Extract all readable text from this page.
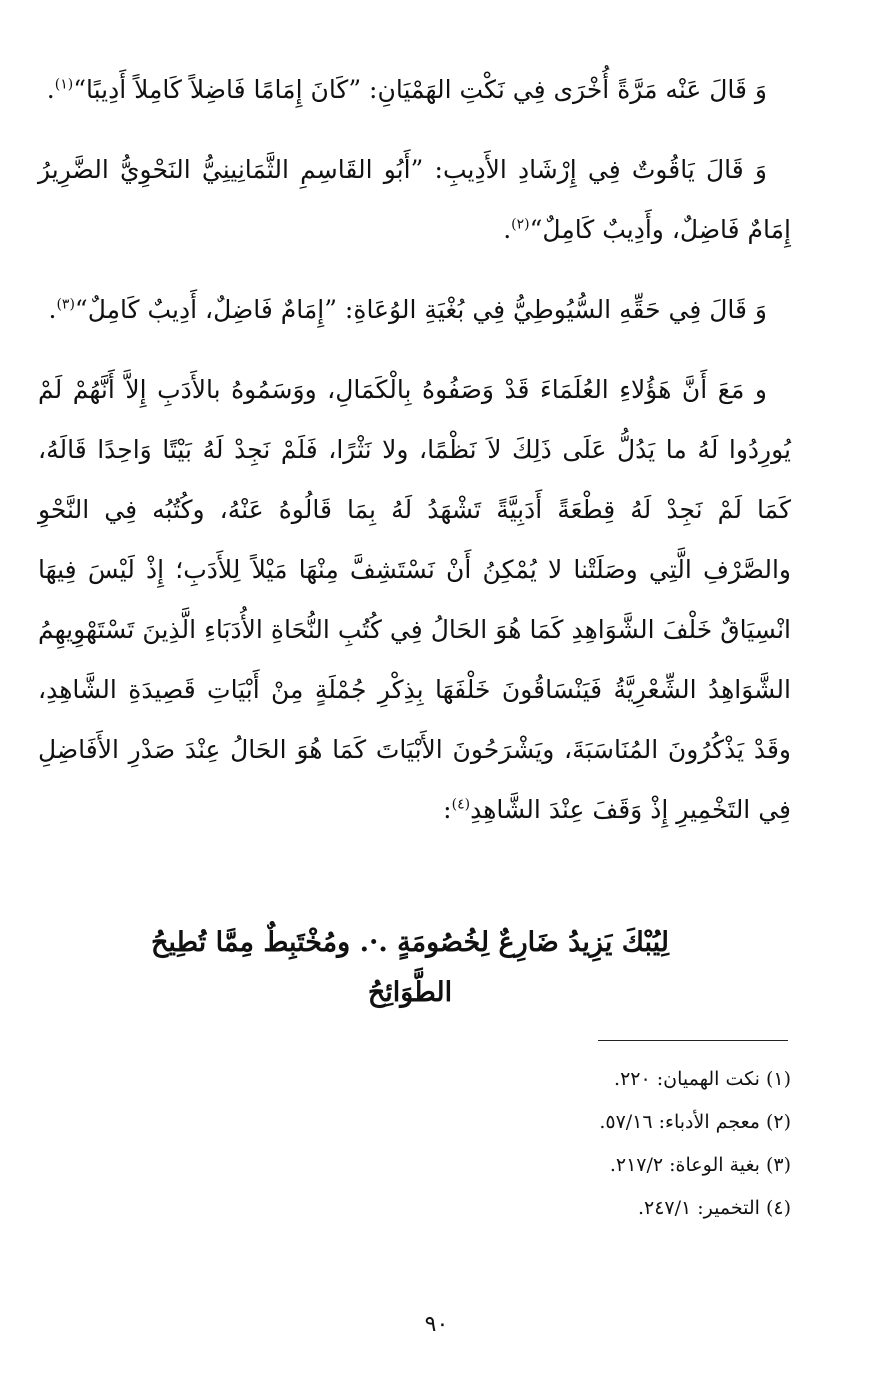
وَ قَالَ عَنْه مَرَّةً أُخْرَى فِي نَكْتِ الهَمْيَانِ: ”كَانَ إِمَامًا فَاضِلاً كَامِلاً أَدِيبًا“$^{(١)}$.

وَ قَالَ يَاقُوتٌ فِي إِرْشَادِ الأَدِيبِ: ”أَبُو القَاسِمِ الثَّمَانِينِيُّ النَحْوِيُّ الضَّرِيرُ إِمَامٌ فَاضِلٌ، وأَدِيبٌ كَامِلٌ“$^{(٢)}$.

وَ قَالَ فِي حَقِّهِ السُّيُوطِيُّ فِي بُغْيَةِ الوُعَاةِ: ”إِمَامٌ فَاضِلٌ، أَدِيبٌ كَامِلٌ“$^{(٣)}$.

و مَعَ أَنَّ هَؤُلاءِ العُلَمَاءَ قَدْ وَصَفُوهُ بِالْكَمَالِ، ووَسَمُوهُ بالأَدَبِ إِلاَّ أَنَّهُمْ لَمْ يُورِدُوا لَهُ ما يَدُلُّ عَلَى ذَلِكَ لاَ نَظْمًا، ولا نَثْرًا، فَلَمْ نَجِدْ لَهُ بَيْتًا وَاحِدًا قَالَهُ، كَمَا لَمْ نَجِدْ لَهُ قِطْعَةً أَدَبِيَّةً تَشْهَدُ لَهُ بِمَا قَالُوهُ عَنْهُ، وكُتُبُه فِي النَّحْوِ والصَّرْفِ الَّتِي وصَلَتْنا لا يُمْكِنُ أَنْ نَسْتَشِفَّ مِنْهَا مَيْلاً لِلأَدَبِ؛ إِذْ لَيْسَ فِيهَا انْسِيَاقٌ خَلْفَ الشَّوَاهِدِ كَمَا هُوَ الحَالُ فِي كُتُبِ النُّحَاةِ الأُدَبَاءِ الَّذِينَ تَسْتَهْوِيهِمُ الشَّوَاهِدُ الشِّعْرِيَّةُ فَيَنْسَاقُونَ خَلْفَهَا بِذِكْرِ جُمْلَةٍ مِنْ أَبْيَاتِ قَصِيدَةِ الشَّاهِدِ، وقَدْ يَذْكُرُونَ المُنَاسَبَةَ، ويَشْرَحُونَ الأَبْيَاتَ كَمَا هُوَ الحَالُ عِنْدَ صَدْرِ الأَفَاضِلِ فِي التَخْمِيرِ إِذْ وَقَفَ عِنْدَ الشَّاهِدِ$^{(٤)}$:

لِيُبْكَ يَزِيدُ ضَارِعٌ لِخُصُومَةٍ .·. ومُخْتَبِطٌ مِمَّا تُطِيحُ الطَّوَائِحُ
(١)نكت الهميان: ٢٢٠.
(٢)معجم الأدباء: ٥٧/١٦.
(٣)بغية الوعاة: ٢١٧/٢.
(٤)التخمير: ٢٤٧/١.
٩٠
